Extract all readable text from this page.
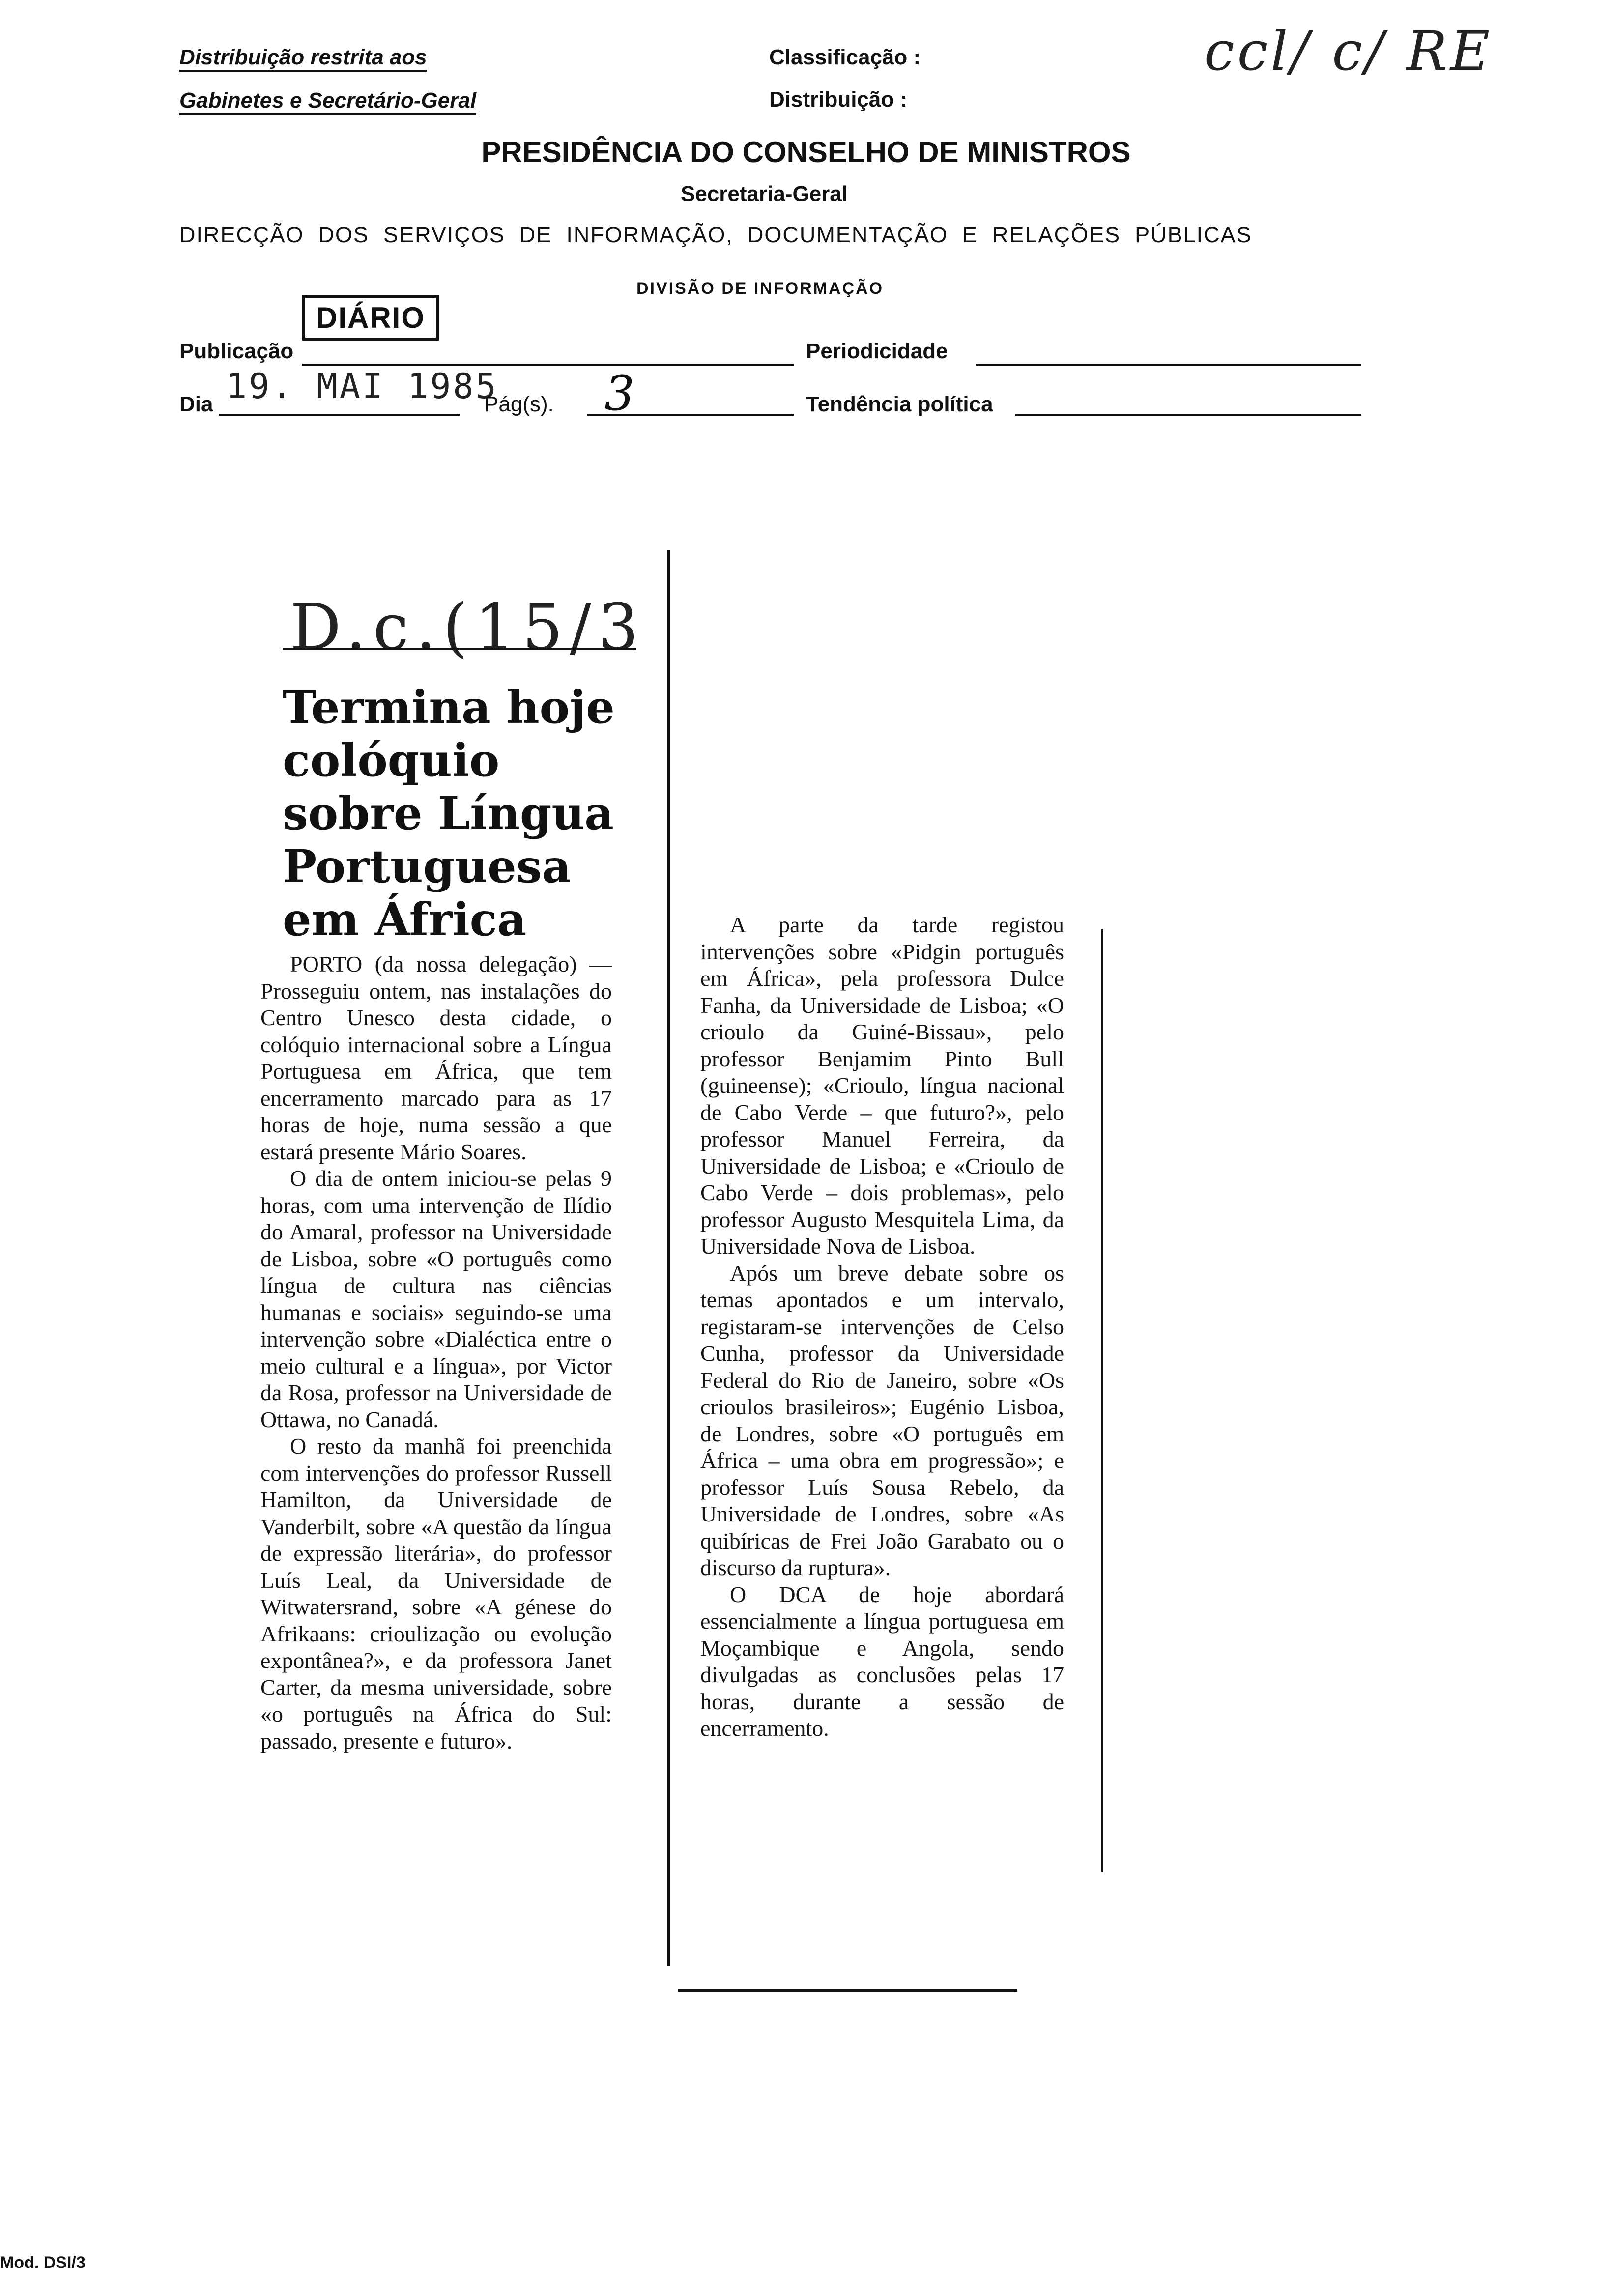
Distribuição restrita aos
Gabinetes e Secretário-Geral
Classificação :
Distribuição :
ccl/ c/ RE
PRESIDÊNCIA DO CONSELHO DE MINISTROS
Secretaria-Geral
DIRECÇÃO  DOS  SERVIÇOS  DE  INFORMAÇÃO,  DOCUMENTAÇÃO  E  RELAÇÕES  PÚBLICAS
DIVISÃO DE INFORMAÇÃO
DIÁRIO
Publicação	Periodicidade
Dia 19. MAI 1985
Pág(s). 3	Tendência política
D.c.(15/3
Termina hoje
colóquio
sobre Língua
Portuguesa
em África

PORTO (da nossa delegação) — Prosseguiu ontem, nas instalações do Centro Unesco desta cidade, o colóquio internacional sobre a Língua Portuguesa em África, que tem encerramento marcado para as 17 horas de hoje, numa sessão a que estará presente Mário Soares.

O dia de ontem iniciou-se pelas 9 horas, com uma intervenção de Ilídio do Amaral, professor na Universidade de Lisboa, sobre «O português como língua de cultura nas ciências humanas e sociais» seguindo-se uma intervenção sobre «Dialéctica entre o meio cultural e a língua», por Victor da Rosa, professor na Universidade de Ottawa, no Canadá.

O resto da manhã foi preenchida com intervenções do professor Russell Hamilton, da Universidade de Vanderbilt, sobre «A questão da língua de expressão literária», do professor Luís Leal, da Universidade de Witwatersrand, sobre «A génese do Afrikaans: crioulização ou evolução expontânea?», e da professora Janet Carter, da mesma universidade, sobre «o português na África do Sul: passado, presente e futuro».

A parte da tarde registou intervenções sobre «Pidgin português em África», pela professora Dulce Fanha, da Universidade de Lisboa; «O crioulo da Guiné-Bissau», pelo professor Benjamim Pinto Bull (guineense); «Crioulo, língua nacional de Cabo Verde – que futuro?», pelo professor Manuel Ferreira, da Universidade de Lisboa; e «Crioulo de Cabo Verde – dois problemas», pelo professor Augusto Mesquitela Lima, da Universidade Nova de Lisboa.

Após um breve debate sobre os temas apontados e um intervalo, registaram-se intervenções de Celso Cunha, professor da Universidade Federal do Rio de Janeiro, sobre «Os crioulos brasileiros»; Eugénio Lisboa, de Londres, sobre «O português em África – uma obra em progressão»; e professor Luís Sousa Rebelo, da Universidade de Londres, sobre «As quibíricas de Frei João Garabato ou o discurso da ruptura».

O DCA de hoje abordará essencialmente a língua portuguesa em Moçambique e Angola, sendo divulgadas as conclusões pelas 17 horas, durante a sessão de encerramento.

Mod. DSI/3
